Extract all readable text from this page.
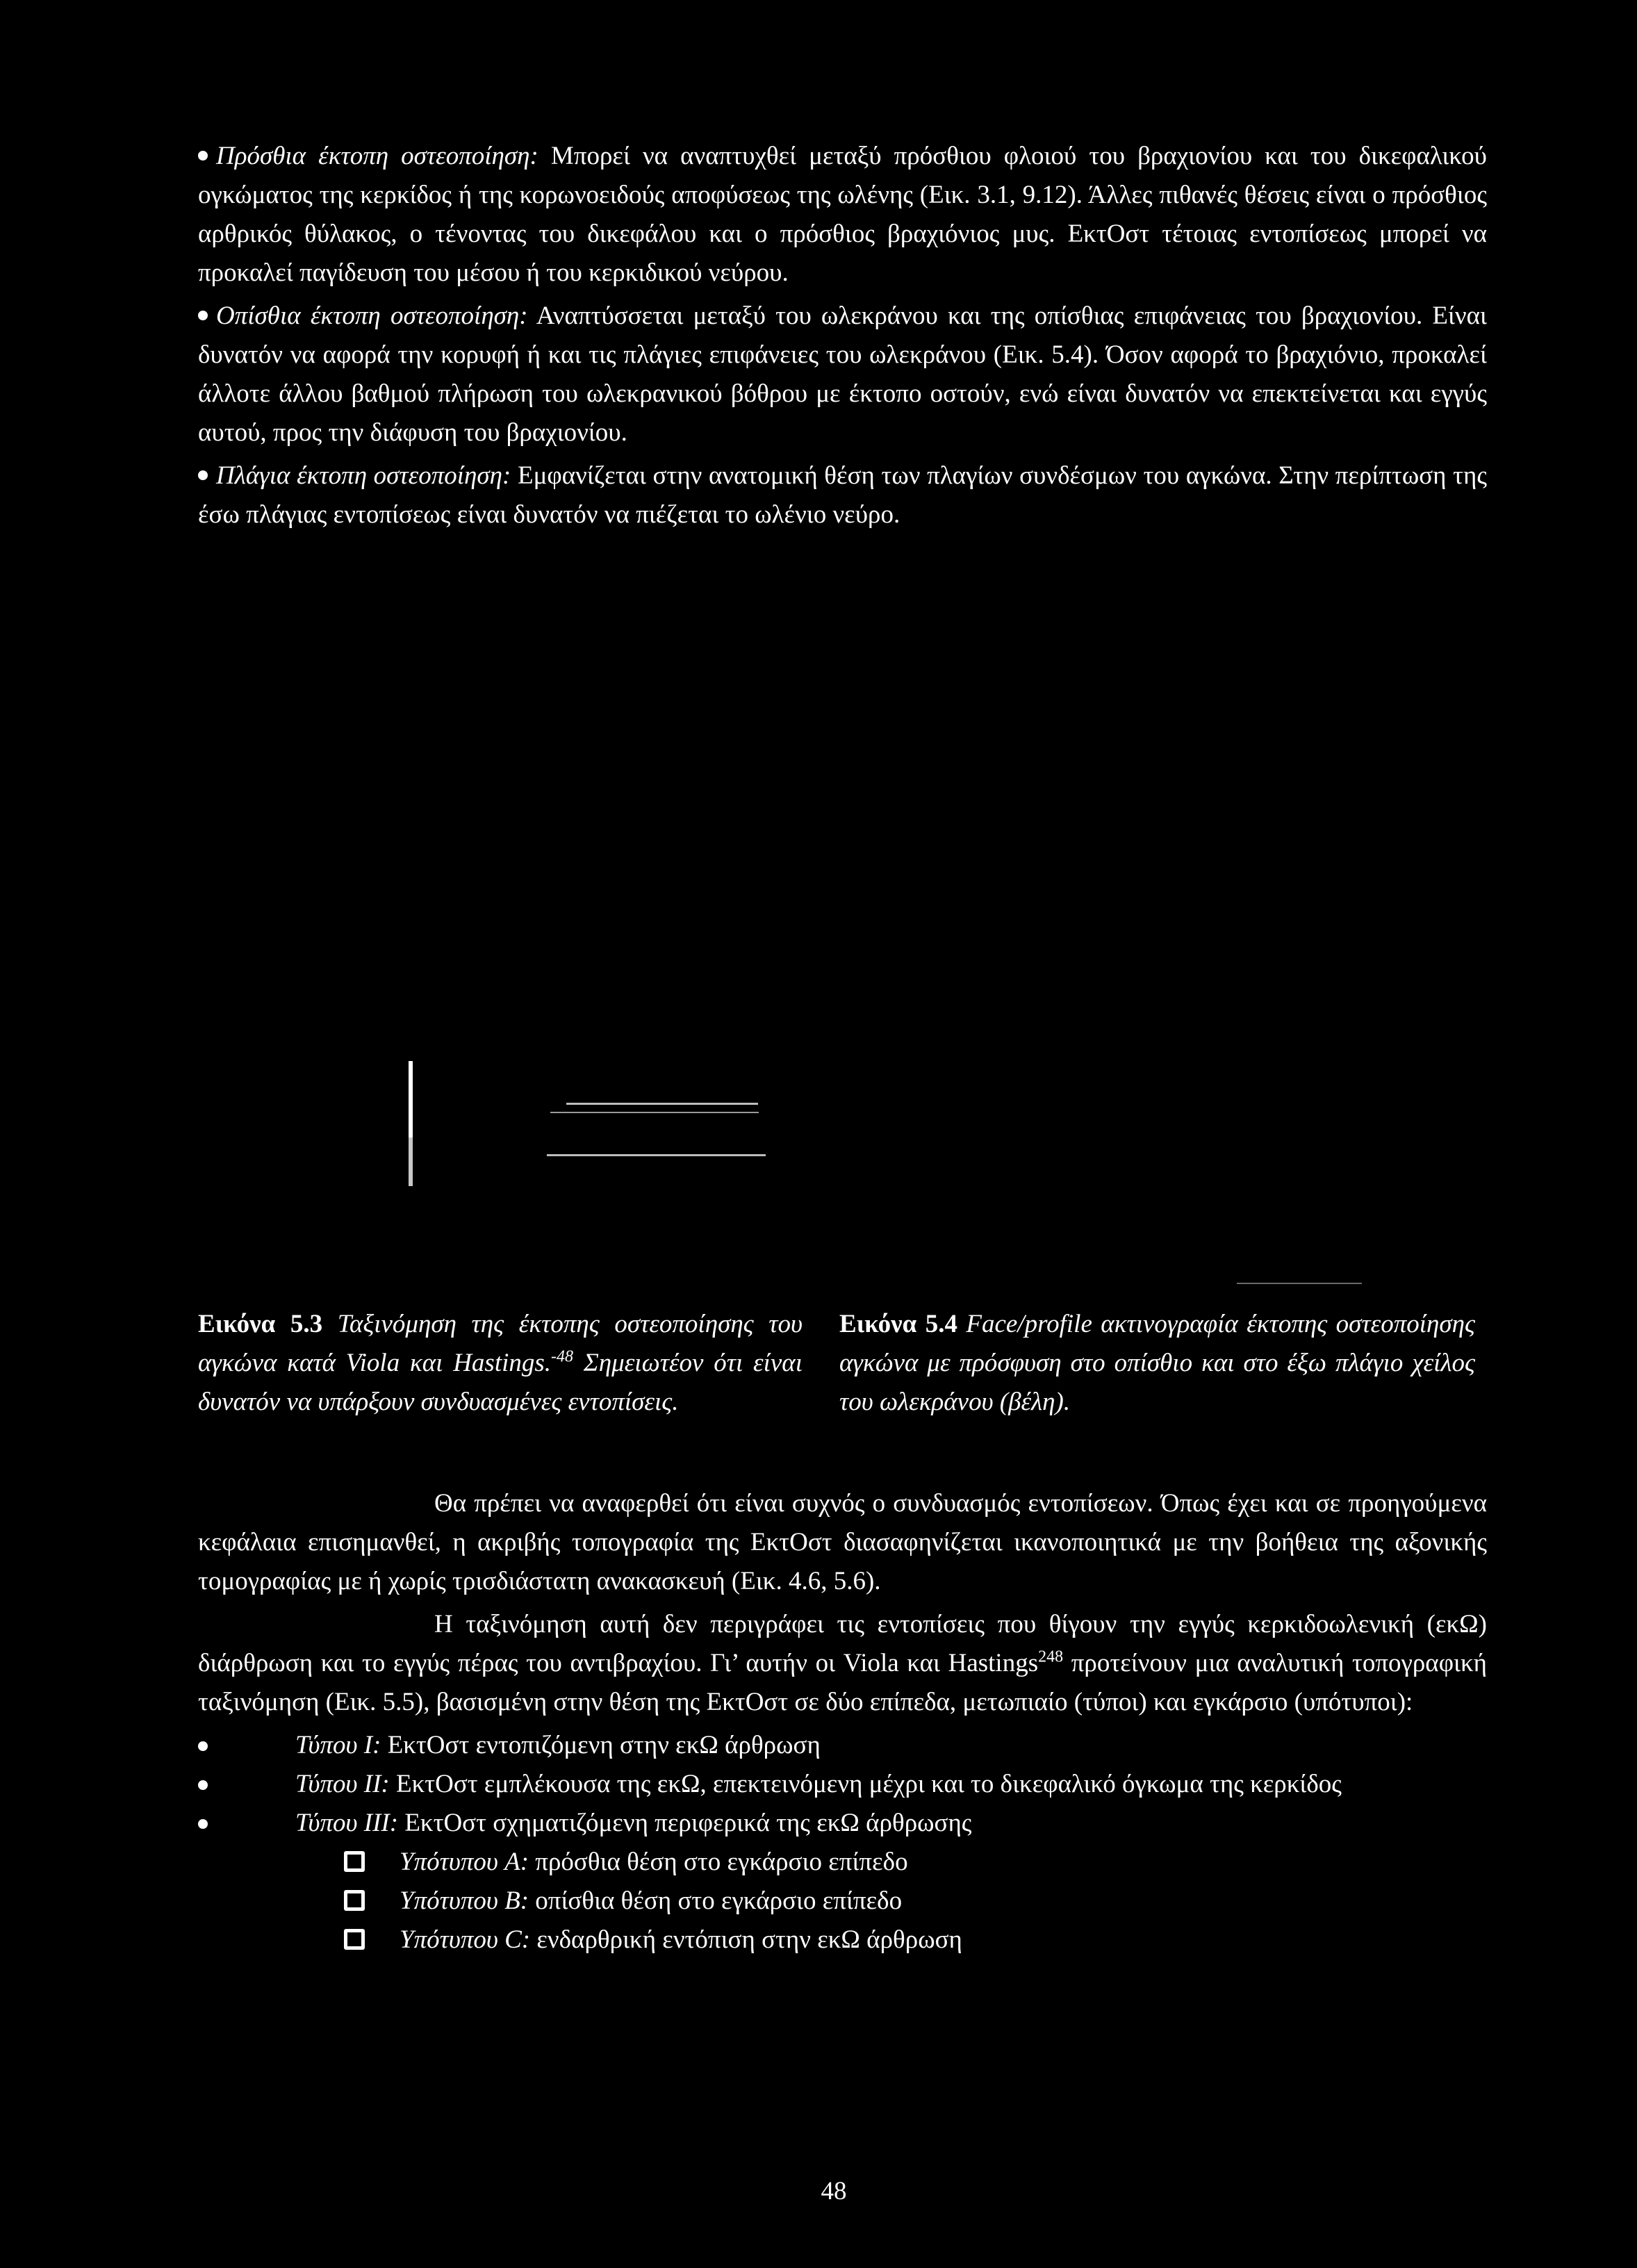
Πρόσθια έκτοπη οστεοποίηση: Μπορεί να αναπτυχθεί μεταξύ πρόσθιου φλοιού του βραχιονίου και του δικεφαλικού ογκώματος της κερκίδος ή της κορωνοειδούς αποφύσεως της ωλένης (Εικ. 3.1, 9.12). Άλλες πιθανές θέσεις είναι ο πρόσθιος αρθρικός θύλακος, ο τένοντας του δικεφάλου και ο πρόσθιος βραχιόνιος μυς. ΕκτΟστ τέτοιας εντοπίσεως μπορεί να προκαλεί παγίδευση του μέσου ή του κερκιδικού νεύρου.

Οπίσθια έκτοπη οστεοποίηση: Αναπτύσσεται μεταξύ του ωλεκράνου και της οπίσθιας επιφάνειας του βραχιονίου. Είναι δυνατόν να αφορά την κορυφή ή και τις πλάγιες επιφάνειες του ωλεκράνου (Εικ. 5.4). Όσον αφορά το βραχιόνιο, προκαλεί άλλοτε άλλου βαθμού πλήρωση του ωλεκρανικού βόθρου με έκτοπο οστούν, ενώ είναι δυνατόν να επεκτείνεται και εγγύς αυτού, προς την διάφυση του βραχιονίου.

Πλάγια έκτοπη οστεοποίηση: Εμφανίζεται στην ανατομική θέση των πλαγίων συνδέσμων του αγκώνα. Στην περίπτωση της έσω πλάγιας εντοπίσεως είναι δυνατόν να πιέζεται το ωλένιο νεύρο.

Εικόνα 5.3 Ταξινόμηση της έκτοπης οστεοποίησης του αγκώνα κατά Viola και Hastings.$^{-48}$ Σημειωτέον ότι είναι δυνατόν να υπάρξουν συνδυασμένες εντοπίσεις.
Εικόνα 5.4 Face/profile ακτινογραφία έκτοπης οστεοποίησης αγκώνα με πρόσφυση στο οπίσθιο και στο έξω πλάγιο χείλος του ωλεκράνου (βέλη).

Θα πρέπει να αναφερθεί ότι είναι συχνός ο συνδυασμός εντοπίσεων. Όπως έχει και σε προηγούμενα κεφάλαια επισημανθεί, η ακριβής τοπογραφία της ΕκτΟστ διασαφηνίζεται ικανοποιητικά με την βοήθεια της αξονικής τομογραφίας με ή χωρίς τρισδιάστατη ανακασκευή (Εικ. 4.6, 5.6).

Η ταξινόμηση αυτή δεν περιγράφει τις εντοπίσεις που θίγουν την εγγύς κερκιδοωλενική (εκΩ) διάρθρωση και το εγγύς πέρας του αντιβραχίου. Γι’ αυτήν οι Viola και Hastings$^{248}$ προτείνουν μια αναλυτική τοπογραφική ταξινόμηση (Εικ. 5.5), βασισμένη στην θέση της ΕκτΟστ σε δύο επίπεδα, μετωπιαίο (τύποι) και εγκάρσιο (υπότυποι):

Τύπου I: ΕκτΟστ εντοπιζόμενη στην εκΩ άρθρωση
Τύπου II: ΕκτΟστ εμπλέκουσα της εκΩ, επεκτεινόμενη μέχρι και το δικεφαλικό όγκωμα της κερκίδος
Τύπου III: ΕκτΟστ σχηματιζόμενη περιφερικά της εκΩ άρθρωσης
Υπότυπου A: πρόσθια θέση στο εγκάρσιο επίπεδο
Υπότυπου B: οπίσθια θέση στο εγκάρσιο επίπεδο
Υπότυπου C: ενδαρθρική εντόπιση στην εκΩ άρθρωση
48
